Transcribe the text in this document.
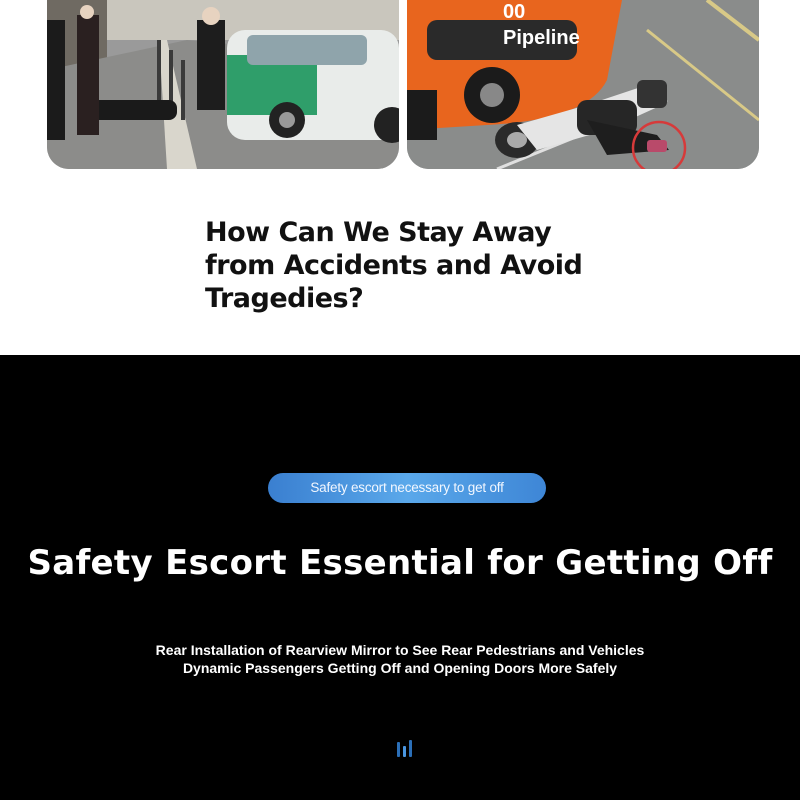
00
Pipeline
How Can We Stay Away from Accidents and Avoid Tragedies?
Safety escort necessary to get off
Safety Escort Essential for Getting Off

Rear Installation of Rearview Mirror to See Rear Pedestrians and Vehicles Dynamic Passengers Getting Off and Opening Doors More Safely
